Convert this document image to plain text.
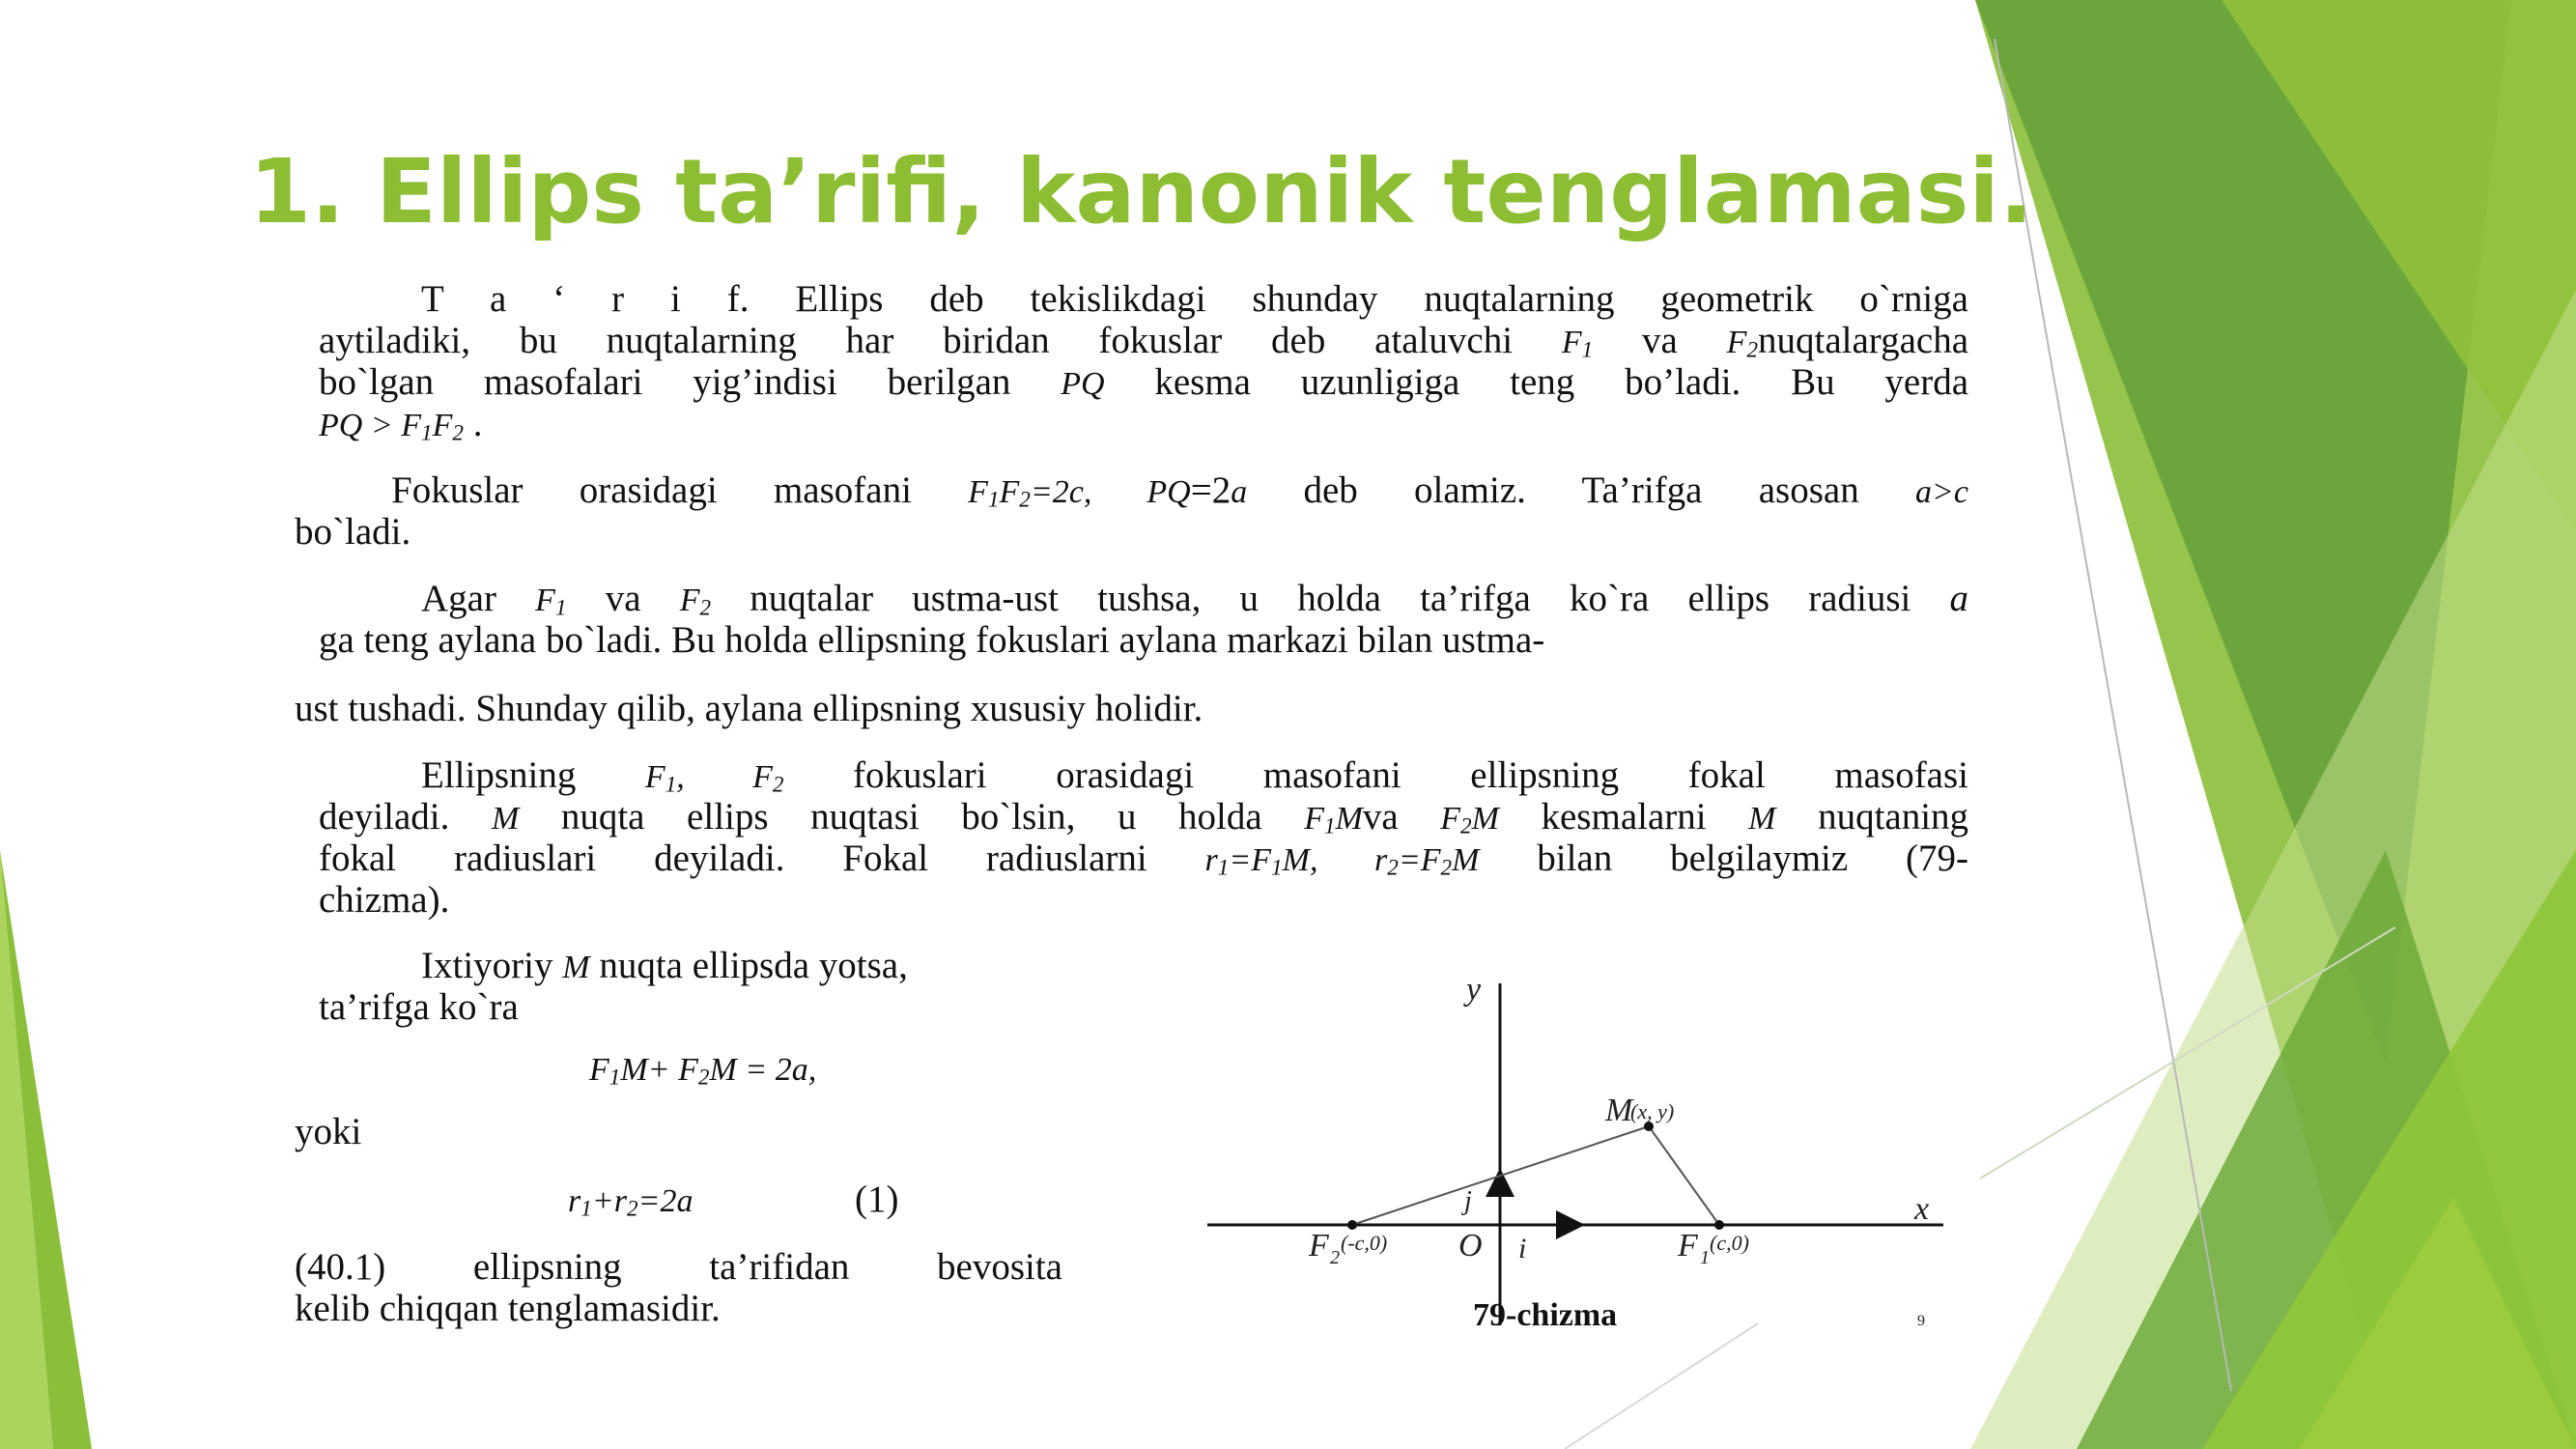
1. Ellips ta’rifi, kanonik tenglamasi.
T a ‘ r i f. Ellips deb tekislikdagi shunday nuqtalarning geometrik o`rniga
aytiladiki, bu nuqtalarning har biridan fokuslar deb ataluvchi $F_1$ va $F_2nuqtalargacha$
bo`lgan masofalari yig’indisi berilgan PQ kesma uzunligiga teng bo’ladi. Bu yerda
PQ > $F_1F_2$ .
Fokuslar orasidagi masofani $F_1F_2=2c$, PQ=2a deb olamiz. Ta’rifga asosan a>c
bo`ladi.
Agar $F_1$ va $F_2$ nuqtalar ustma-ust tushsa, u holda ta’rifga ko`ra ellips radiusi a
ga teng aylana bo`ladi. Bu holda ellipsning fokuslari aylana markazi bilan ustma-
ust tushadi. Shunday qilib, aylana ellipsning xususiy holidir.
Ellipsning $F_1$, $F_2$ fokuslari orasidagi masofani ellipsning fokal masofasi
deyiladi. M nuqta ellips nuqtasi bo`lsin, u holda $F_1Mva$ $F_2M$ kesmalarni M nuqtaning
fokal radiuslari deyiladi. Fokal radiuslarni $r_1=F_1M$, $r_2=F_2M$ bilan belgilaymiz (79-
chizma).
Ixtiyoriy M nuqta ellipsda yotsa,
ta’rifga ko`ra
$F_1M+ F_2M = 2a$,
yoki
$r_1+r_2=2a$	(1)
(40.1) ellipsning ta’rifidan bevosita
kelib chiqqan tenglamasidir.
y
x
O i
j
M
(x, y)
F 2
(-c,0)	F 1
(c,0)
79-chizma	9
